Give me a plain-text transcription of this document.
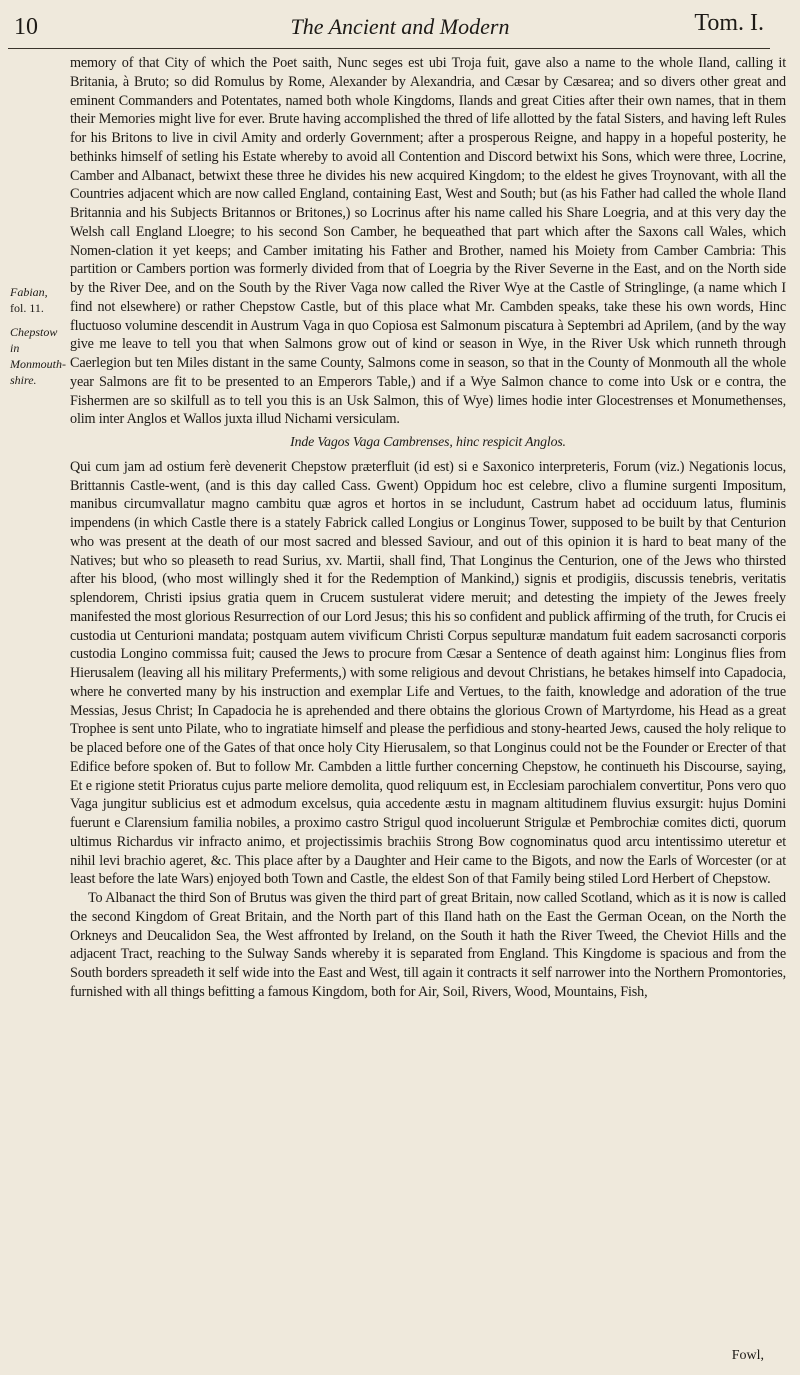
10	The Ancient and Modern	Tom. I.
Fabian,
fol. 11.
Chepstow in
Monmouth-
shire.

memory of that City of which the Poet saith, Nunc seges est ubi Troja fuit, gave also a name to the whole Iland, calling it Britania, à Bruto; so did Romulus by Rome, Alexander by Alexandria, and Cæsar by Cæsarea; and so divers other great and eminent Commanders and Potentates, named both whole Kingdoms, Ilands and great Cities after their own names, that in them their Memories might live for ever. Brute having accomplished the thred of life allotted by the fatal Sisters, and having left Rules for his Britons to live in civil Amity and orderly Government; after a prosperous Reigne, and happy in a hopeful posterity, he bethinks himself of setling his Estate whereby to avoid all Contention and Discord betwixt his Sons, which were three, Locrine, Camber and Albanact, betwixt these three he divides his new acquired Kingdom; to the eldest he gives Troynovant, with all the Countries adjacent which are now called England, containing East, West and South; but (as his Father had called the whole Iland Britannia and his Subjects Britannos or Britones,) so Locrinus after his name called his Share Loegria, and at this very day the Welsh call England Lloegre; to his second Son Camber, he bequeathed that part which after the Saxons call Wales, which Nomen-clation it yet keeps; and Camber imitating his Father and Brother, named his Moiety from Camber Cambria: This partition or Cambers portion was formerly divided from that of Loegria by the River Severne in the East, and on the North side by the River Dee, and on the South by the River Vaga now called the River Wye at the Castle of Stringlinge, (a name which I find not elsewhere) or rather Chepstow Castle, but of this place what Mr. Cambden speaks, take these his own words, Hinc fluctuoso volumine descendit in Austrum Vaga in quo Copiosa est Salmonum piscatura à Septembri ad Aprilem, (and by the way give me leave to tell you that when Salmons grow out of kind or season in Wye, in the River Usk which runneth through Caerlegion but ten Miles distant in the same County, Salmons come in season, so that in the County of Monmouth all the whole year Salmons are fit to be presented to an Emperors Table,) and if a Wye Salmon chance to come into Usk or e contra, the Fishermen are so skilfull as to tell you this is an Usk Salmon, this of Wye) limes hodie inter Glocestrenses et Monumethenses, olim inter Anglos et Wallos juxta illud Nichami versiculam.

Inde Vagos Vaga Cambrenses, hinc respicit Anglos.

Qui cum jam ad ostium ferè devenerit Chepstow præterfluit (id est) si e Saxonico interpreteris, Forum (viz.) Negationis locus, Brittannis Castle-went, (and is this day called Cass. Gwent) Oppidum hoc est celebre, clivo a flumine surgenti Impositum, manibus circumvallatur magno cambitu quæ agros et hortos in se includunt, Castrum habet ad occiduum latus, fluminis impendens (in which Castle there is a stately Fabrick called Longius or Longinus Tower, supposed to be built by that Centurion who was present at the death of our most sacred and blessed Saviour, and out of this opinion it is hard to beat many of the Natives; but who so pleaseth to read Surius, xv. Martii, shall find, That Longinus the Centurion, one of the Jews who thirsted after his blood, (who most willingly shed it for the Redemption of Mankind,) signis et prodigiis, discussis tenebris, veritatis splendorem, Christi ipsius gratia quem in Crucem sustulerat videre meruit; and detesting the impiety of the Jewes freely manifested the most glorious Resurrection of our Lord Jesus; this his so confident and publick affirming of the truth, for Crucis ei custodia ut Centurioni mandata; postquam autem vivificum Christi Corpus sepulturæ mandatum fuit eadem sacrosancti corporis custodia Longino commissa fuit; caused the Jews to procure from Cæsar a Sentence of death against him: Longinus flies from Hierusalem (leaving all his military Preferments,) with some religious and devout Christians, he betakes himself into Capadocia, where he converted many by his instruction and exemplar Life and Vertues, to the faith, knowledge and adoration of the true Messias, Jesus Christ; In Capadocia he is aprehended and there obtains the glorious Crown of Martyrdome, his Head as a great Trophee is sent unto Pilate, who to ingratiate himself and please the perfidious and stony-hearted Jews, caused the holy relique to be placed before one of the Gates of that once holy City Hierusalem, so that Longinus could not be the Founder or Erecter of that Edifice before spoken of. But to follow Mr. Cambden a little further concerning Chepstow, he continueth his Discourse, saying, Et e rigione stetit Prioratus cujus parte meliore demolita, quod reliquum est, in Ecclesiam parochialem convertitur, Pons vero quo Vaga jungitur sublicius est et admodum excelsus, quia accedente æstu in magnam altitudinem fluvius exsurgit: hujus Domini fuerunt e Clarensium familia nobiles, a proximo castro Strigul quod incoluerunt Strigulæ et Pembrochiæ comites dicti, quorum ultimus Richardus vir infracto animo, et projectissimis brachiis Strong Bow cognominatus quod arcu intentissimo uteretur et nihil levi brachio ageret, &c. This place after by a Daughter and Heir came to the Bigots, and now the Earls of Worcester (or at least before the late Wars) enjoyed both Town and Castle, the eldest Son of that Family being stiled Lord Herbert of Chepstow.

To Albanact the third Son of Brutus was given the third part of great Britain, now called Scotland, which as it is now is called the second Kingdom of Great Britain, and the North part of this Iland hath on the East the German Ocean, on the North the Orkneys and Deucalidon Sea, the West affronted by Ireland, on the South it hath the River Tweed, the Cheviot Hills and the adjacent Tract, reaching to the Sulway Sands whereby it is separated from England. This Kingdome is spacious and from the South borders spreadeth it self wide into the East and West, till again it contracts it self narrower into the Northern Promontories, furnished with all things befitting a famous Kingdom, both for Air, Soil, Rivers, Wood, Mountains, Fish,

Fowl,
